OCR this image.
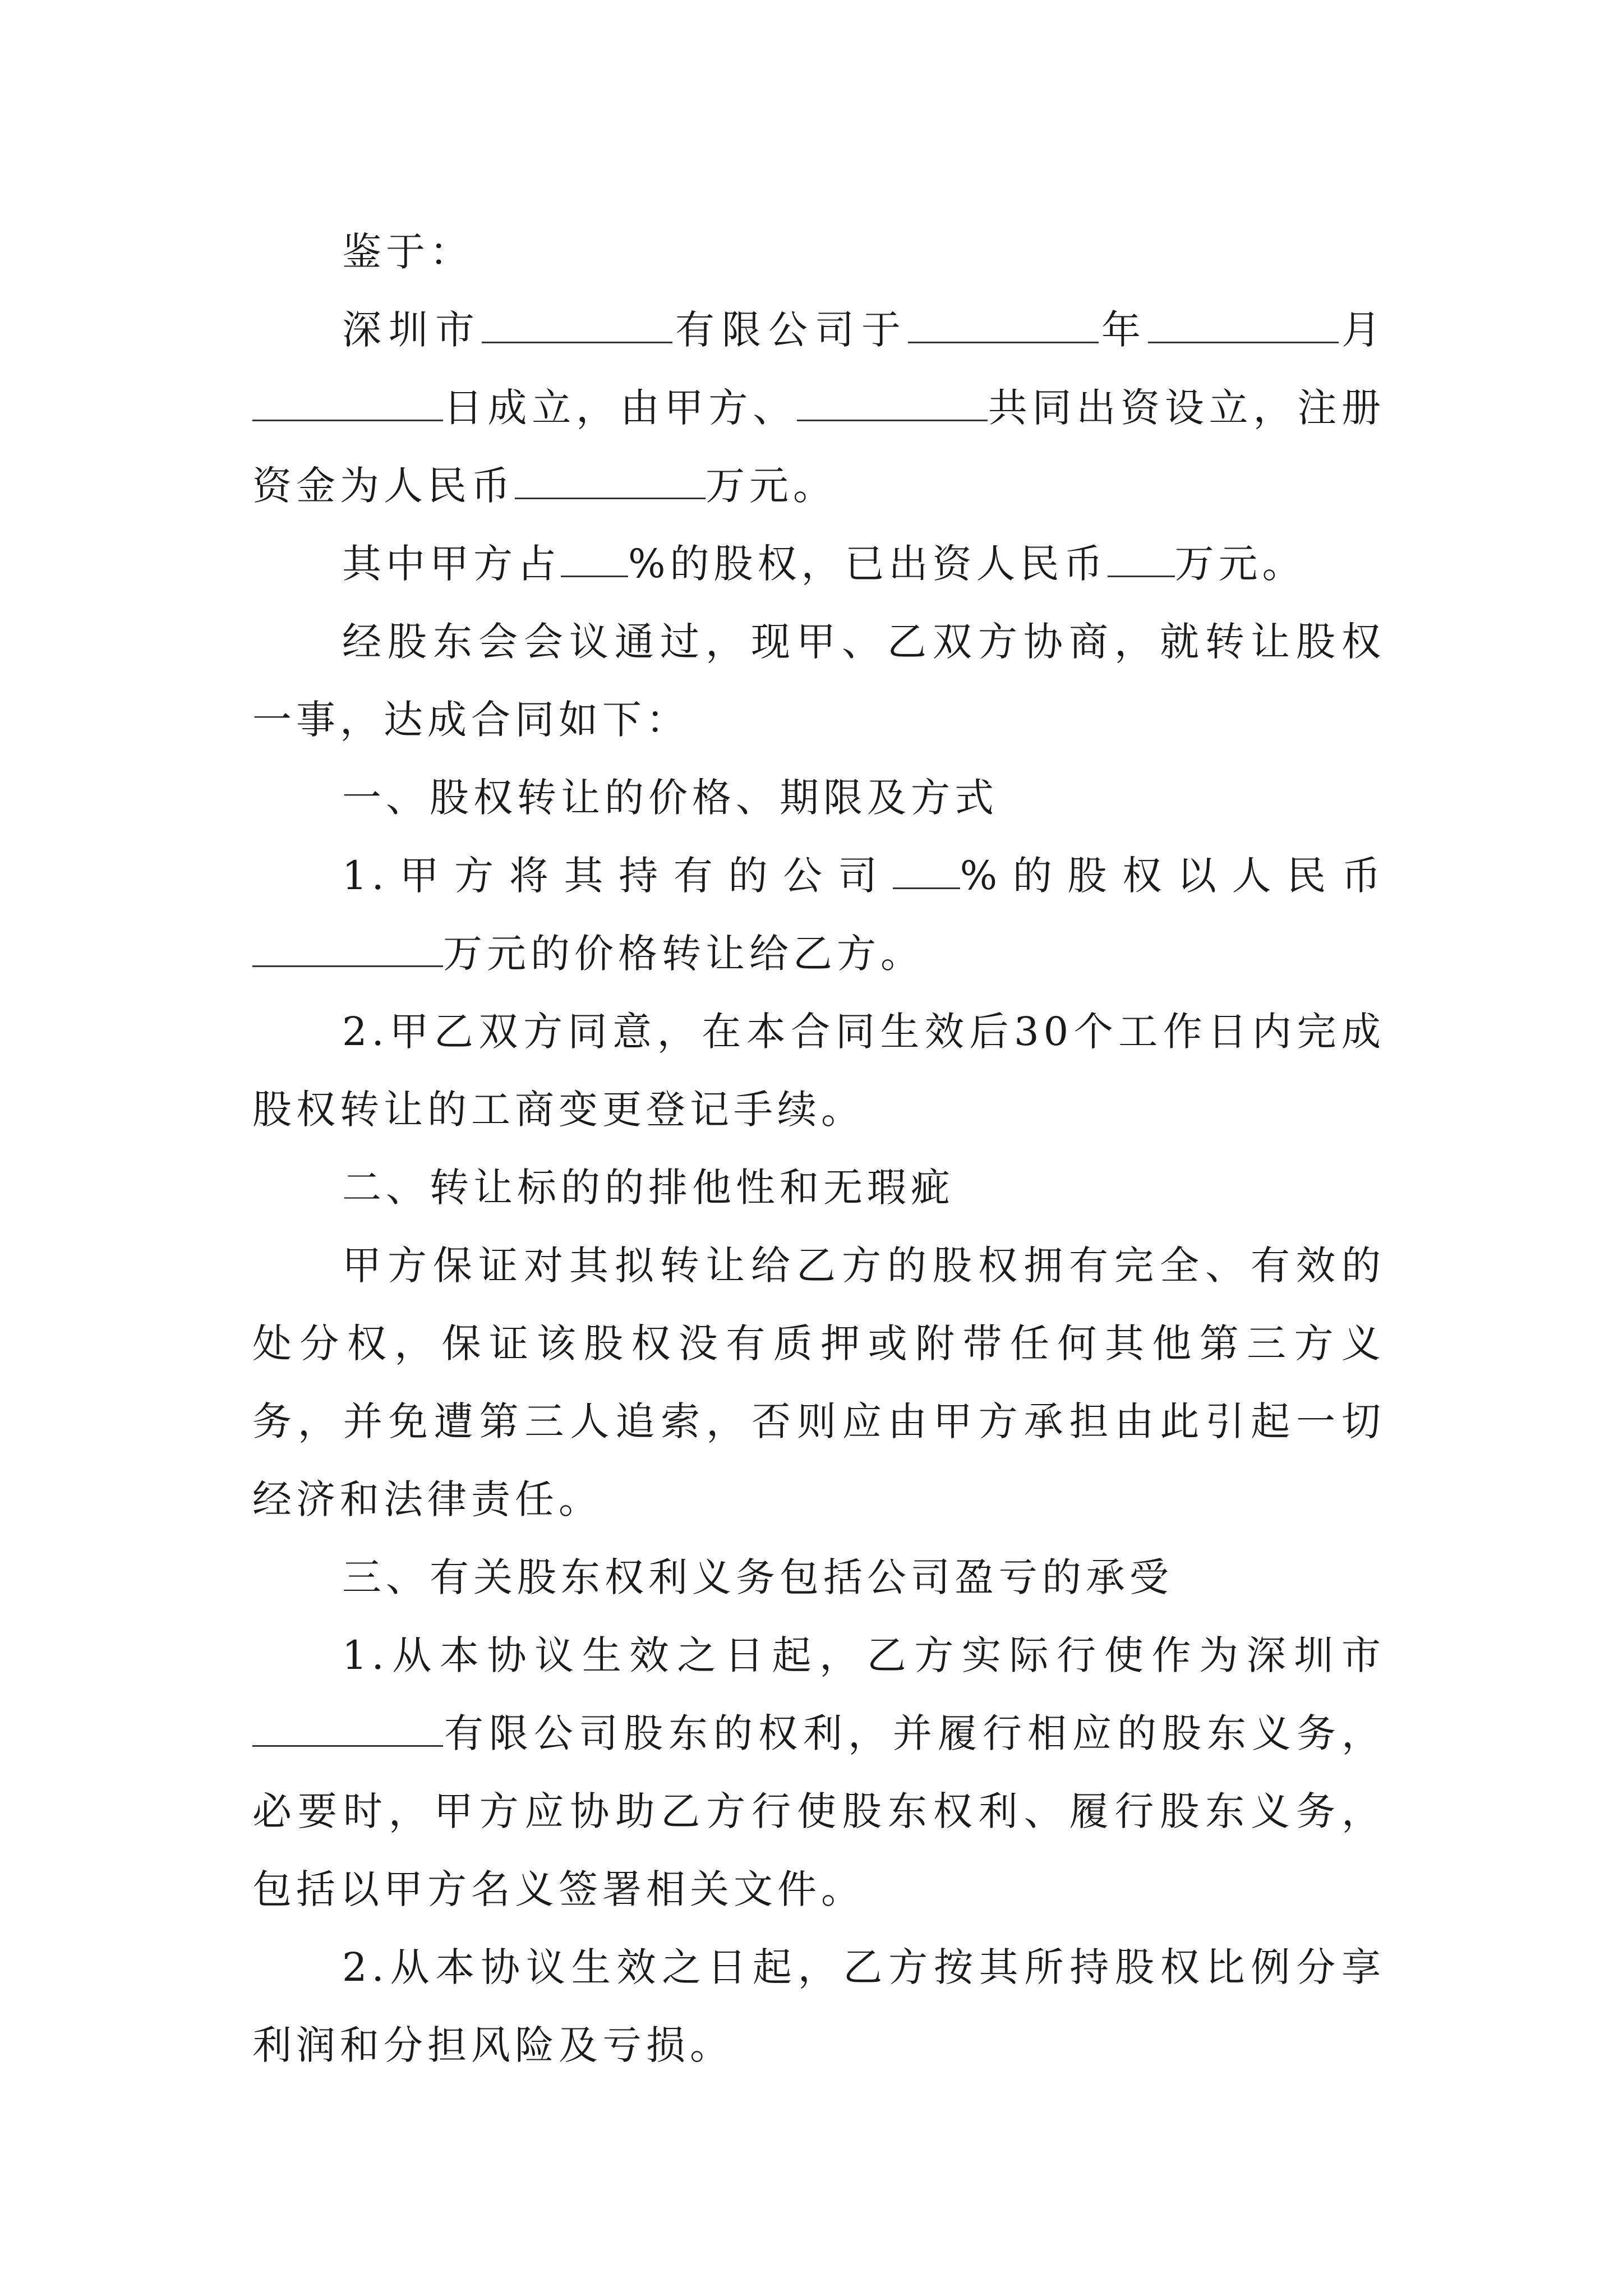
鉴于：

深圳市	有限公司于	年	月日成立，由甲方、	共同出资设立，注册资金为人民币	万元。

其中甲方占 %的股权，已出资人民币 万元。

经股东会会议通过，现甲、乙双方协商，就转让股权一事，达成合同如下：

一、股权转让的价格、期限及方式

1.甲方将其持有的公司 %的股权以人民币万元的价格转让给乙方。

2.甲乙双方同意，在本合同生效后30个工作日内完成股权转让的工商变更登记手续。

二、转让标的的排他性和无瑕疵

甲方保证对其拟转让给乙方的股权拥有完全、有效的处分权，保证该股权没有质押或附带任何其他第三方义务，并免遭第三人追索，否则应由甲方承担由此引起一切经济和法律责任。

三、有关股东权利义务包括公司盈亏的承受

1.从本协议生效之日起，乙方实际行使作为深圳市有限公司股东的权利，并履行相应的股东义务，必要时，甲方应协助乙方行使股东权利、履行股东义务，包括以甲方名义签署相关文件。

2.从本协议生效之日起，乙方按其所持股权比例分享利润和分担风险及亏损。
